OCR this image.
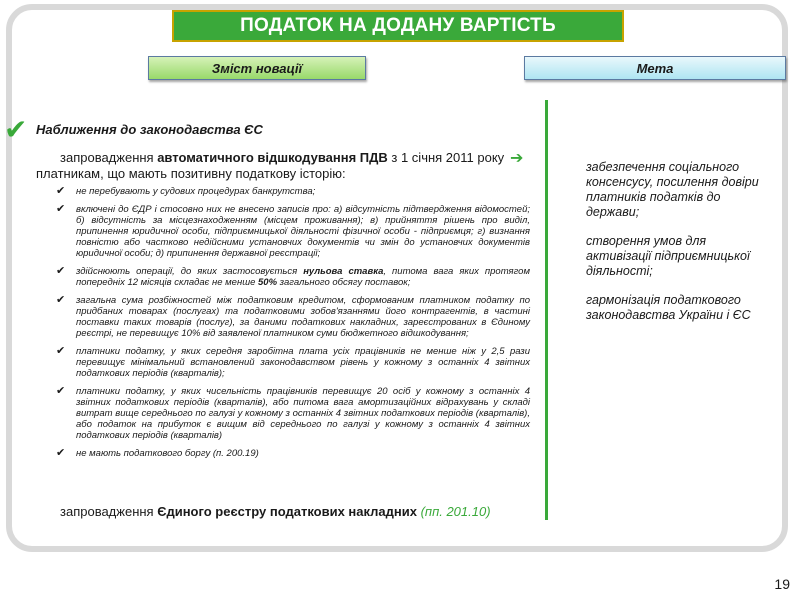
ПОДАТОК НА ДОДАНУ ВАРТІСТЬ
Зміст новації	Мета
✔ Наближення до законодавства ЄС
запровадження автоматичного відшкодування ПДВ з 1 січня 2011 року платникам, що мають позитивну податкову історію:
➔
✔ не перебувають у судових процедурах банкрутства;
✔ включені до ЄДР і стосовно них не внесено записів про: а) відсутність підтвердження відомостей; б) відсутність за місцезнаходженням (місцем проживання); в) прийняття рішень про виділ, припинення юридичної особи, підприємницької діяльності фізичної особи - підприємця; г) визнання повністю або частково недійсними установчих документів чи змін до установчих документів юридичної особи; д) припинення державної реєстрації;
✔ здійснюють операції, до яких застосовується нульова ставка, питома вага яких протягом попередніх 12 місяців складає не менше 50% загального обсягу поставок;
✔ загальна сума розбіжностей між податковим кредитом, сформованим платником податку по придбаних товарах (послугах) та податковими зобов'язаннями його контрагентів, в частині поставки таких товарів (послуг), за даними податкових накладних, зареєстрованих в Єдиному реєстрі, не перевищує 10% від заявленої платником суми бюджетного відшкодування;
✔ платники податку, у яких середня заробітна плата усіх працівників не менше ніж у 2,5 рази перевищує мінімальний встановлений законодавством рівень у кожному з останніх 4 звітних податкових періодів (кварталів);
✔ платники податку, у яких чисельність працівників перевищує 20 осіб у кожному з останніх 4 звітних податкових періодів (кварталів), або питома вага амортизаційних відрахувань у складі витрат вище середнього по галузі у кожному з останніх 4 звітних податкових періодів (кварталів), або податок на прибуток є вищим від середнього по галузі у кожному з останніх 4 звітних податкових періодів (кварталів)
✔ не мають податкового боргу (п. 200.19)
запровадження Єдиного реєстру податкових накладних (пп. 201.10)
забезпечення соціального консенсусу, посилення довіри платників податків до держави;
створення умов для активізації підприємницької діяльності;
гармонізація податкового законодавства України і ЄС
19
